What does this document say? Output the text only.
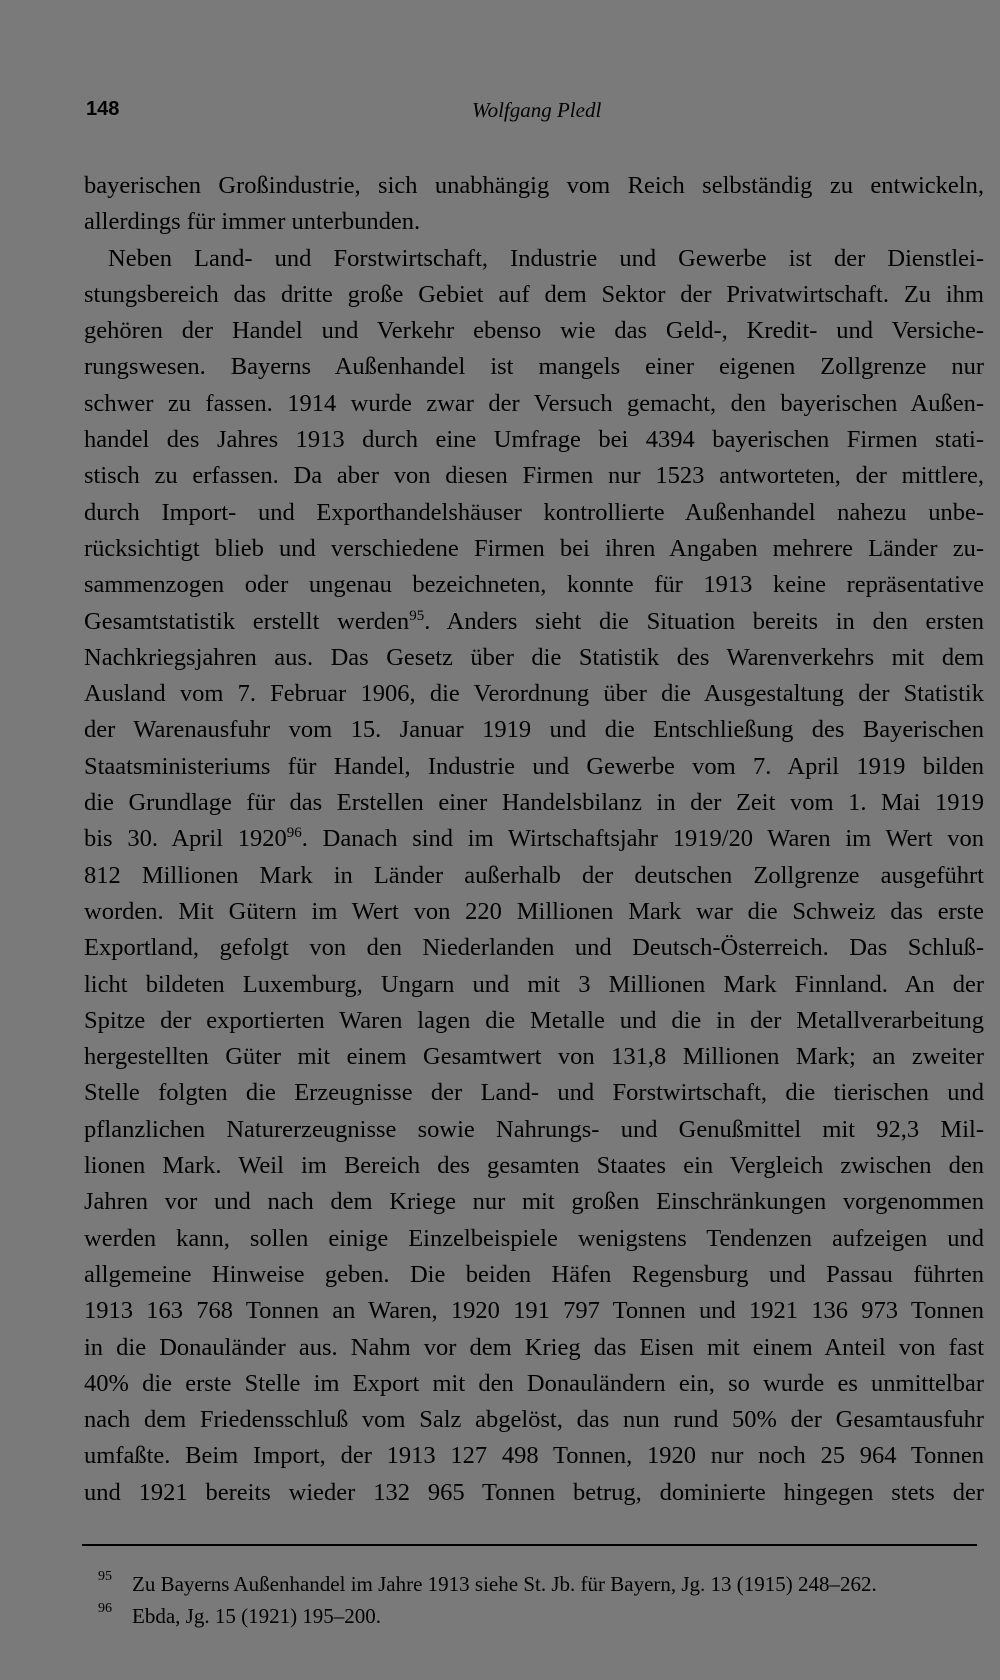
148	Wolfgang Pledl
bayerischen Großindustrie, sich unabhängig vom Reich selbständig zu entwickeln,
allerdings für immer unterbunden.
Neben Land- und Forstwirtschaft, Industrie und Gewerbe ist der Dienstlei-
stungsbereich das dritte große Gebiet auf dem Sektor der Privatwirtschaft. Zu ihm
gehören der Handel und Verkehr ebenso wie das Geld-, Kredit- und Versiche-
rungswesen. Bayerns Außenhandel ist mangels einer eigenen Zollgrenze nur
schwer zu fassen. 1914 wurde zwar der Versuch gemacht, den bayerischen Außen-
handel des Jahres 1913 durch eine Umfrage bei 4394 bayerischen Firmen stati-
stisch zu erfassen. Da aber von diesen Firmen nur 1523 antworteten, der mittlere,
durch Import- und Exporthandelshäuser kontrollierte Außenhandel nahezu unbe-
rücksichtigt blieb und verschiedene Firmen bei ihren Angaben mehrere Länder zu-
sammenzogen oder ungenau bezeichneten, konnte für 1913 keine repräsentative
Gesamtstatistik erstellt werden$^{95}$. Anders sieht die Situation bereits in den ersten
Nachkriegsjahren aus. Das Gesetz über die Statistik des Warenverkehrs mit dem
Ausland vom 7. Februar 1906, die Verordnung über die Ausgestaltung der Statistik
der Warenausfuhr vom 15. Januar 1919 und die Entschließung des Bayerischen
Staatsministeriums für Handel, Industrie und Gewerbe vom 7. April 1919 bilden
die Grundlage für das Erstellen einer Handelsbilanz in der Zeit vom 1. Mai 1919
bis 30. April 1920$^{96}$. Danach sind im Wirtschaftsjahr 1919/20 Waren im Wert von
812 Millionen Mark in Länder außerhalb der deutschen Zollgrenze ausgeführt
worden. Mit Gütern im Wert von 220 Millionen Mark war die Schweiz das erste
Exportland, gefolgt von den Niederlanden und Deutsch-Österreich. Das Schluß-
licht bildeten Luxemburg, Ungarn und mit 3 Millionen Mark Finnland. An der
Spitze der exportierten Waren lagen die Metalle und die in der Metallverarbeitung
hergestellten Güter mit einem Gesamtwert von 131,8 Millionen Mark; an zweiter
Stelle folgten die Erzeugnisse der Land- und Forstwirtschaft, die tierischen und
pflanzlichen Naturerzeugnisse sowie Nahrungs- und Genußmittel mit 92,3 Mil-
lionen Mark. Weil im Bereich des gesamten Staates ein Vergleich zwischen den
Jahren vor und nach dem Kriege nur mit großen Einschränkungen vorgenommen
werden kann, sollen einige Einzelbeispiele wenigstens Tendenzen aufzeigen und
allgemeine Hinweise geben. Die beiden Häfen Regensburg und Passau führten
1913 163 768 Tonnen an Waren, 1920 191 797 Tonnen und 1921 136 973 Tonnen
in die Donauländer aus. Nahm vor dem Krieg das Eisen mit einem Anteil von fast
40% die erste Stelle im Export mit den Donauländern ein, so wurde es unmittelbar
nach dem Friedensschluß vom Salz abgelöst, das nun rund 50% der Gesamtausfuhr
umfaßte. Beim Import, der 1913 127 498 Tonnen, 1920 nur noch 25 964 Tonnen
und 1921 bereits wieder 132 965 Tonnen betrug, dominierte hingegen stets der
95 Zu Bayerns Außenhandel im Jahre 1913 siehe St. Jb. für Bayern, Jg. 13 (1915) 248–262.
96 Ebda, Jg. 15 (1921) 195–200.
